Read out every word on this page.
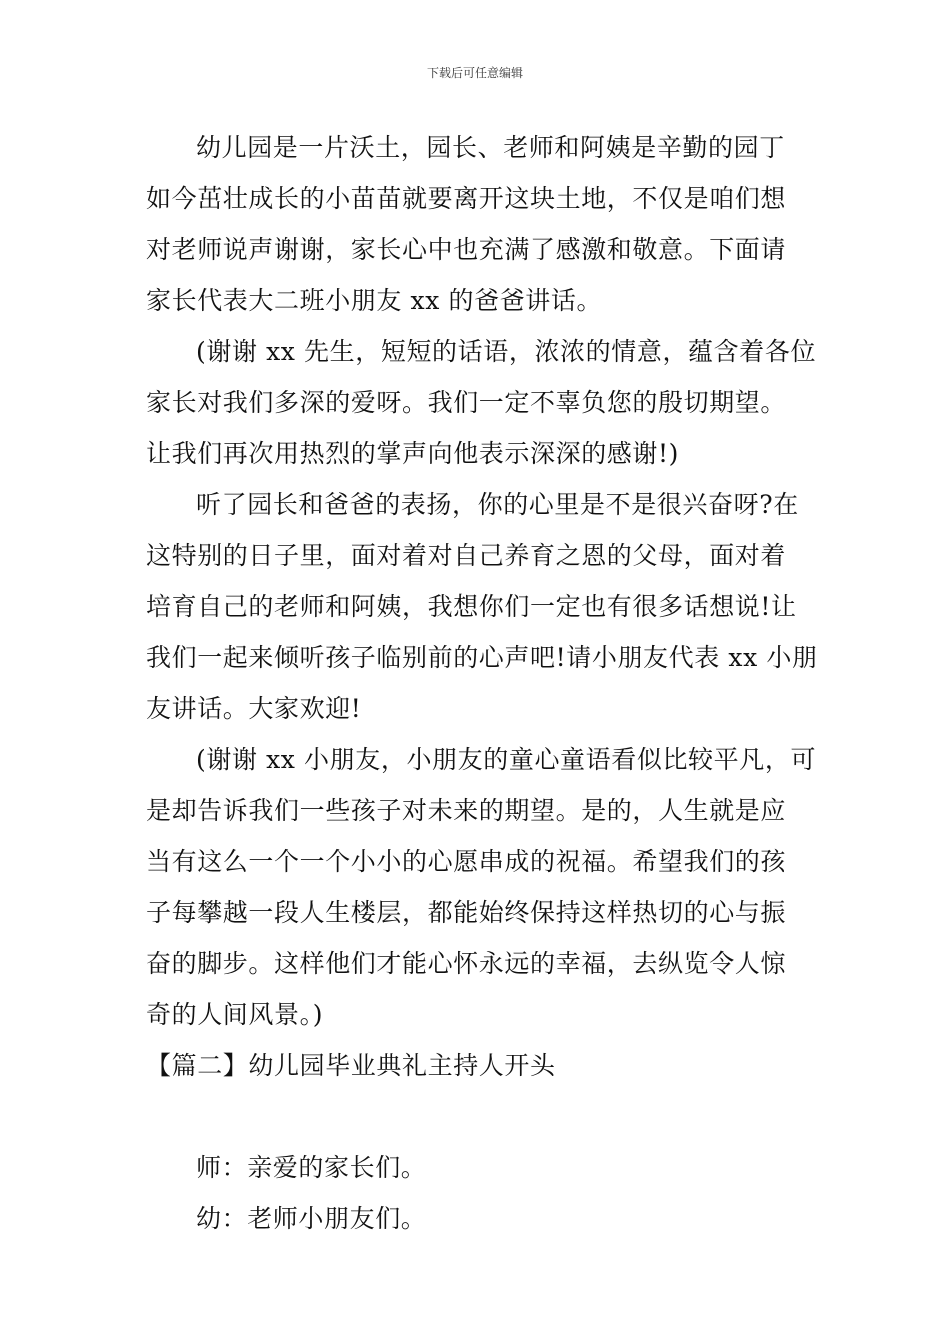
下载后可任意编辑
幼儿园是一片沃土，园长、老师和阿姨是辛勤的园丁
如今茁壮成长的小苗苗就要离开这块土地，不仅是咱们想
对老师说声谢谢，家长心中也充满了感激和敬意。下面请
家长代表大二班小朋友 xx 的爸爸讲话。
(谢谢 xx 先生，短短的话语，浓浓的情意，蕴含着各位
家长对我们多深的爱呀。我们一定不辜负您的殷切期望。
让我们再次用热烈的掌声向他表示深深的感谢!)
听了园长和爸爸的表扬，你的心里是不是很兴奋呀?在
这特别的日子里，面对着对自己养育之恩的父母，面对着
培育自己的老师和阿姨，我想你们一定也有很多话想说!让
我们一起来倾听孩子临别前的心声吧!请小朋友代表 xx 小朋
友讲话。大家欢迎!
(谢谢 xx 小朋友，小朋友的童心童语看似比较平凡，可
是却告诉我们一些孩子对未来的期望。是的，人生就是应
当有这么一个一个小小的心愿串成的祝福。希望我们的孩
子每攀越一段人生楼层，都能始终保持这样热切的心与振
奋的脚步。这样他们才能心怀永远的幸福，去纵览令人惊
奇的人间风景。)
【篇二】幼儿园毕业典礼主持人开头
师：亲爱的家长们。
幼：老师小朋友们。
